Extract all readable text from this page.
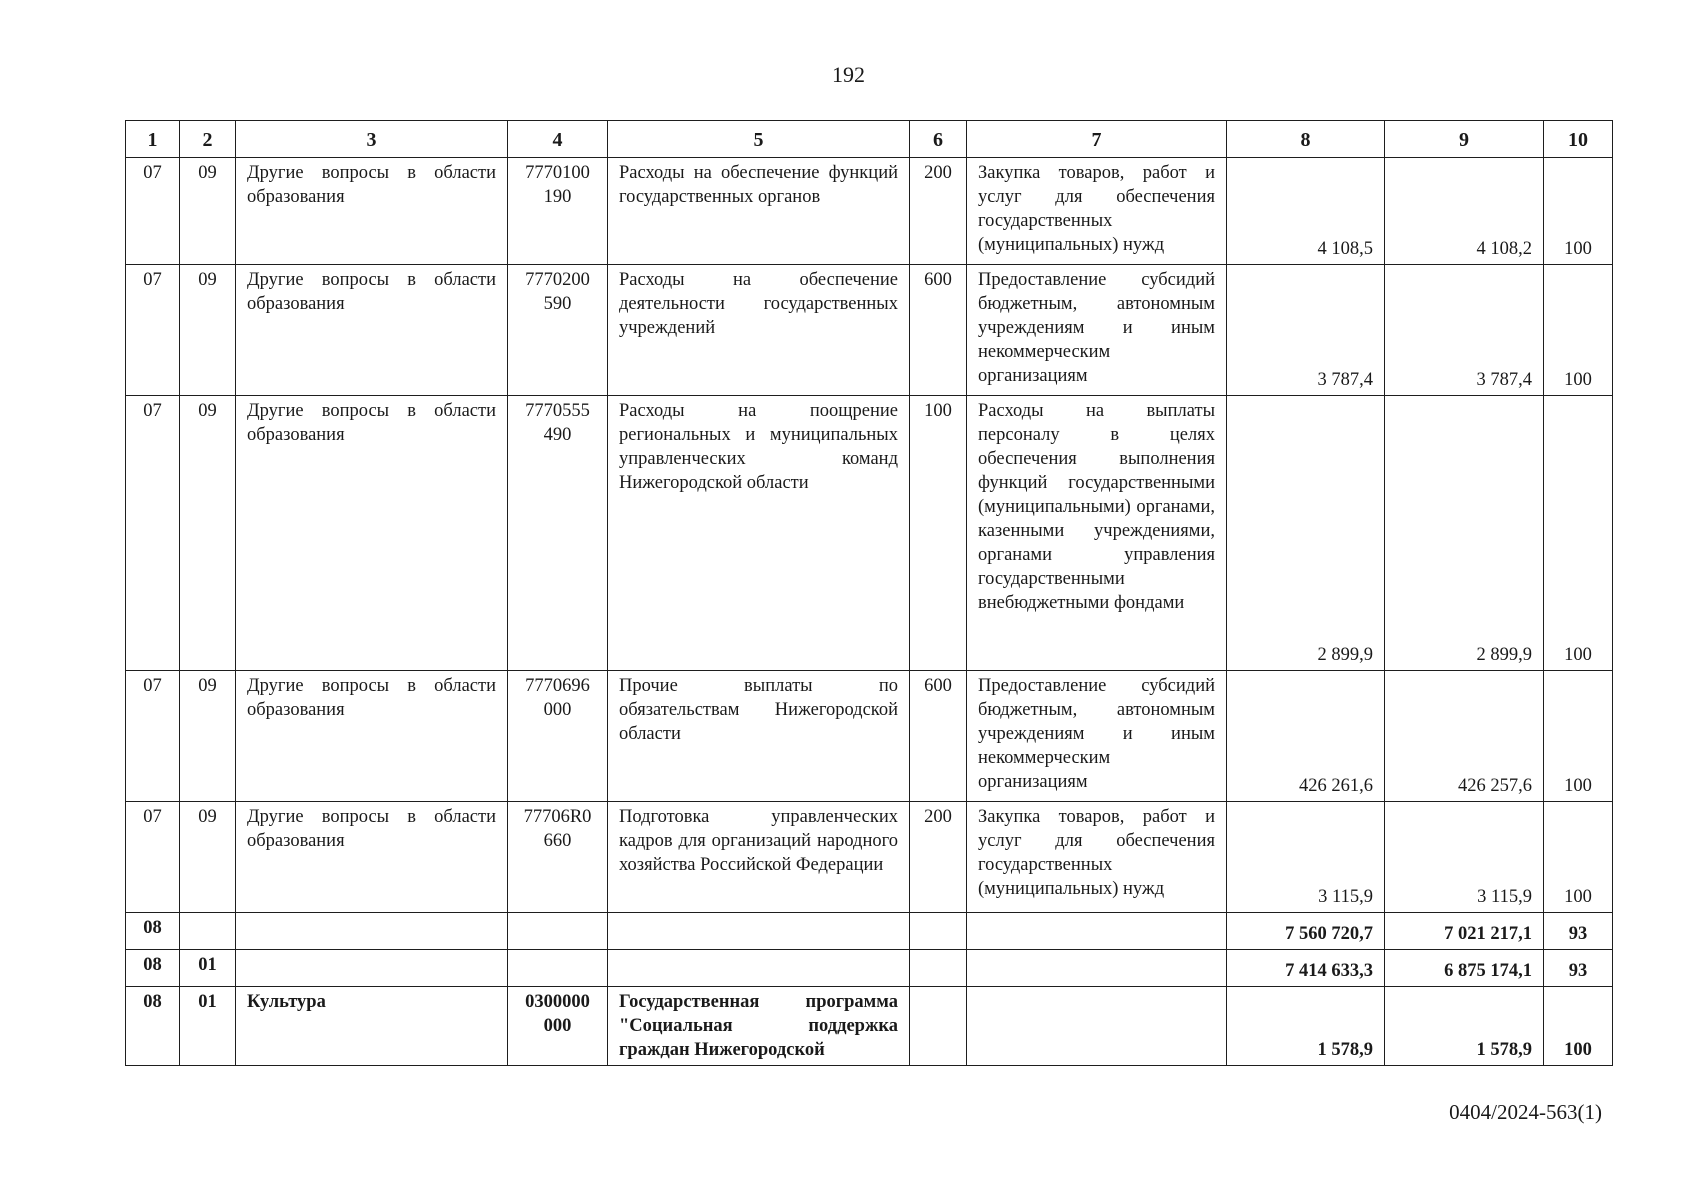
192
1	2	3	4	5	6	7	8	9	10
07	09	Другие вопросы в области образования	7770100 190	Расходы на обеспечение функций государственных органов	200	Закупка товаров, работ и услуг для обеспечения государственных (муниципальных) нужд	4 108,5	4 108,2	100
07	09	Другие вопросы в области образования	7770200 590	Расходы на обеспечение деятельности государственных учреждений	600	Предоставление субсидий бюджетным, автономным учреждениям и иным некоммерческим организациям	3 787,4	3 787,4	100
07	09	Другие вопросы в области образования	7770555 490	Расходы на поощрение региональных и муниципальных управленческих команд Нижегородской области	100	Расходы на выплаты персоналу в целях обеспечения выполнения функций государственными (муниципальными) органами, казенными учреждениями, органами управления государственными внебюджетными фондами	2 899,9	2 899,9	100
07	09	Другие вопросы в области образования	7770696 000	Прочие выплаты по обязательствам Нижегородской области	600	Предоставление субсидий бюджетным, автономным учреждениям и иным некоммерческим организациям	426 261,6	426 257,6	100
07	09	Другие вопросы в области образования	77706R0 660	Подготовка управленческих кадров для организаций народного хозяйства Российской Федерации	200	Закупка товаров, работ и услуг для обеспечения государственных (муниципальных) нужд	3 115,9	3 115,9	100
08							7 560 720,7	7 021 217,1	93
08	01						7 414 633,3	6 875 174,1	93
08	01	Культура	0300000 000	Государственная программа "Социальная поддержка граждан Нижегородской			1 578,9	1 578,9	100
0404/2024-563(1)
